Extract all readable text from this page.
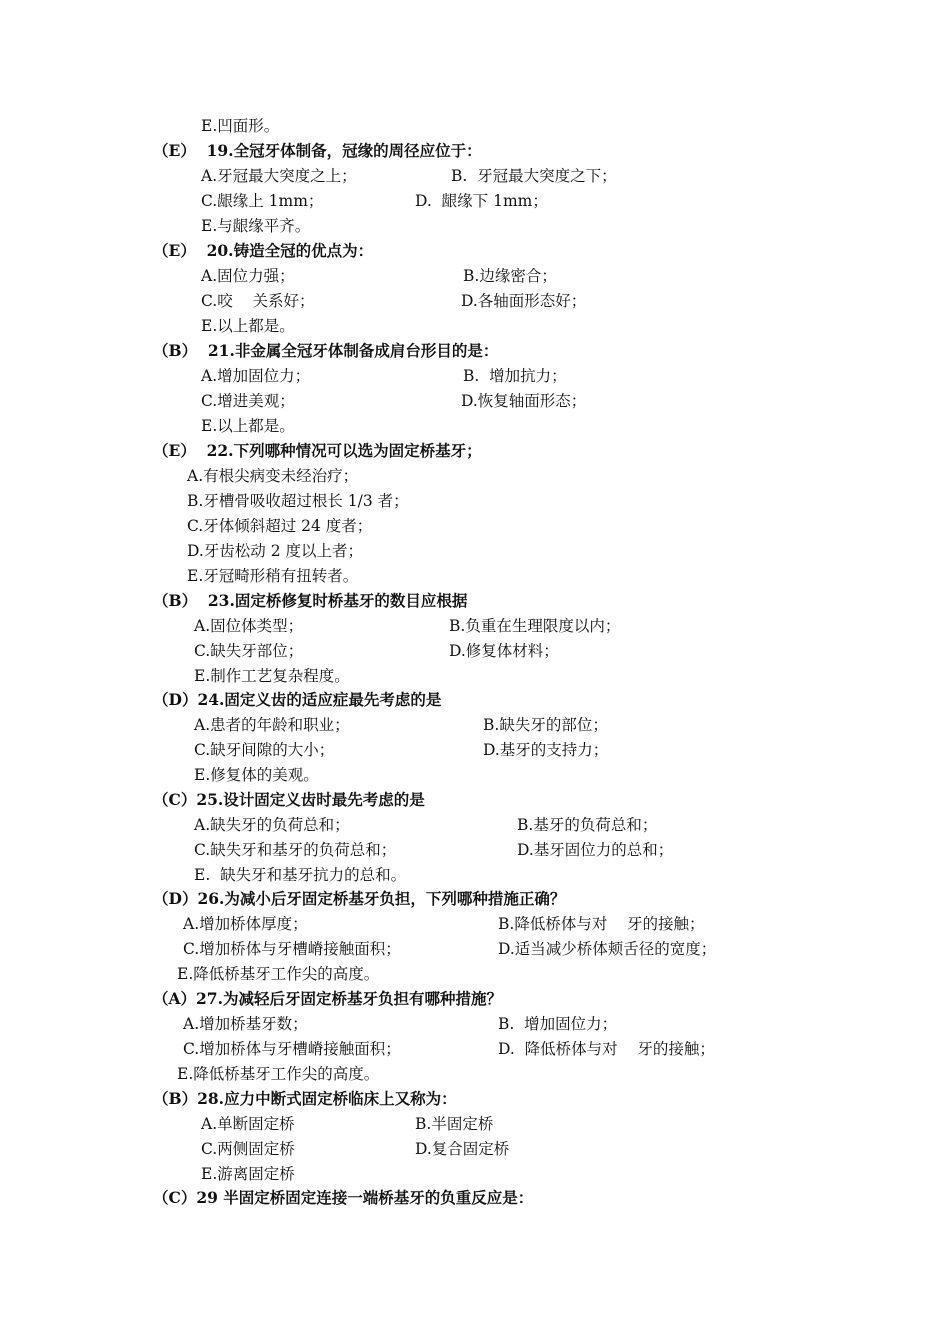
E.凹面形。
（E）  19.全冠牙体制备，冠缘的周径应位于：
A.牙冠最大突度之上；	B.  牙冠最大突度之下；
C.龈缘上 1mm；	D.  龈缘下 1mm；
E.与龈缘平齐。
（E）  20.铸造全冠的优点为：
A.固位力强；	B.边缘密合；
C.咬    关系好；	D.各轴面形态好；
E.以上都是。
（B）  21.非金属全冠牙体制备成肩台形目的是：
A.增加固位力；	B.  增加抗力；
C.增进美观；	D.恢复轴面形态；
E.以上都是。
（E）  22.下列哪种情况可以选为固定桥基牙；
A.有根尖病变未经治疗；
B.牙槽骨吸收超过根长 1/3 者；
C.牙体倾斜超过 24 度者；
D.牙齿松动 2 度以上者；
E.牙冠畸形稍有扭转者。
（B）  23.固定桥修复时桥基牙的数目应根据
A.固位体类型；	B.负重在生理限度以内；
C.缺失牙部位；	D.修复体材料；
E.制作工艺复杂程度。
（D）24.固定义齿的适应症最先考虑的是
A.患者的年龄和职业；	B.缺失牙的部位；
C.缺牙间隙的大小；	D.基牙的支持力；
E.修复体的美观。
（C）25.设计固定义齿时最先考虑的是
A.缺失牙的负荷总和；	B.基牙的负荷总和；
C.缺失牙和基牙的负荷总和；	D.基牙固位力的总和；
E.  缺失牙和基牙抗力的总和。
（D）26.为减小后牙固定桥基牙负担，下列哪种措施正确？
A.增加桥体厚度；	B.降低桥体与对    牙的接触；
C.增加桥体与牙槽嵴接触面积；	D.适当减少桥体颊舌径的宽度；
E.降低桥基牙工作尖的高度。
（A）27.为减轻后牙固定桥基牙负担有哪种措施？
A.增加桥基牙数；	B.  增加固位力；
C.增加桥体与牙槽嵴接触面积；	D.  降低桥体与对    牙的接触；
E.降低桥基牙工作尖的高度。
（B）28.应力中断式固定桥临床上又称为：
A.单断固定桥	B.半固定桥
C.两侧固定桥	D.复合固定桥
E.游离固定桥
（C）29 半固定桥固定连接一端桥基牙的负重反应是：
